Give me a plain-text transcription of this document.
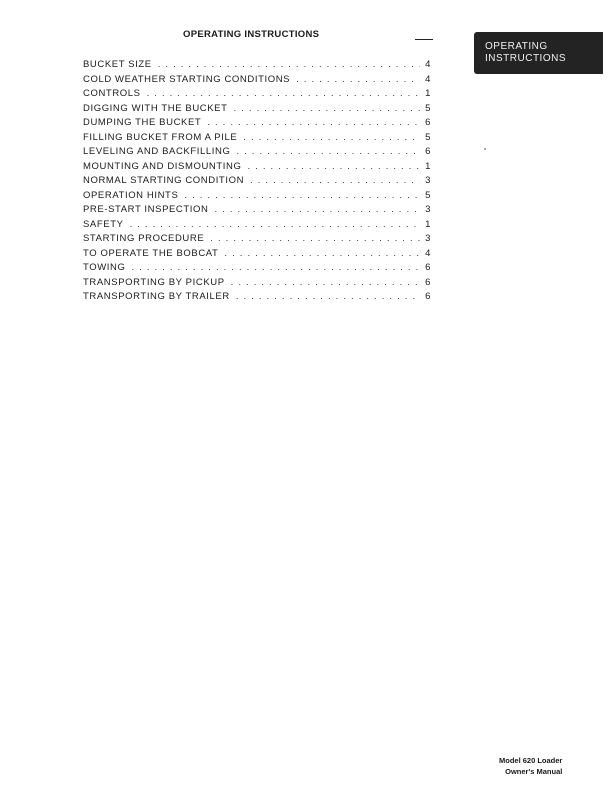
OPERATING INSTRUCTIONS
OPERATING
INSTRUCTIONS
BUCKET SIZE . . .	4
COLD WEATHER STARTING CONDITIONS . . .	4
CONTROLS . . .	1
DIGGING WITH THE BUCKET . . .	5
DUMPING THE BUCKET . . .	6
FILLING BUCKET FROM A PILE . . .	5
LEVELING AND BACKFILLING . . .	6
MOUNTING AND DISMOUNTING . . .	1
NORMAL STARTING CONDITION . . .	3
OPERATION HINTS . . .	5
PRE-START INSPECTION . . .	3
SAFETY . . .	1
STARTING PROCEDURE . . .	3
TO OPERATE THE BOBCAT . . .	4
TOWING . . .	6
TRANSPORTING BY PICKUP . . .	6
TRANSPORTING BY TRAILER . . .	6
Model 620 Loader
Owner's Manual
